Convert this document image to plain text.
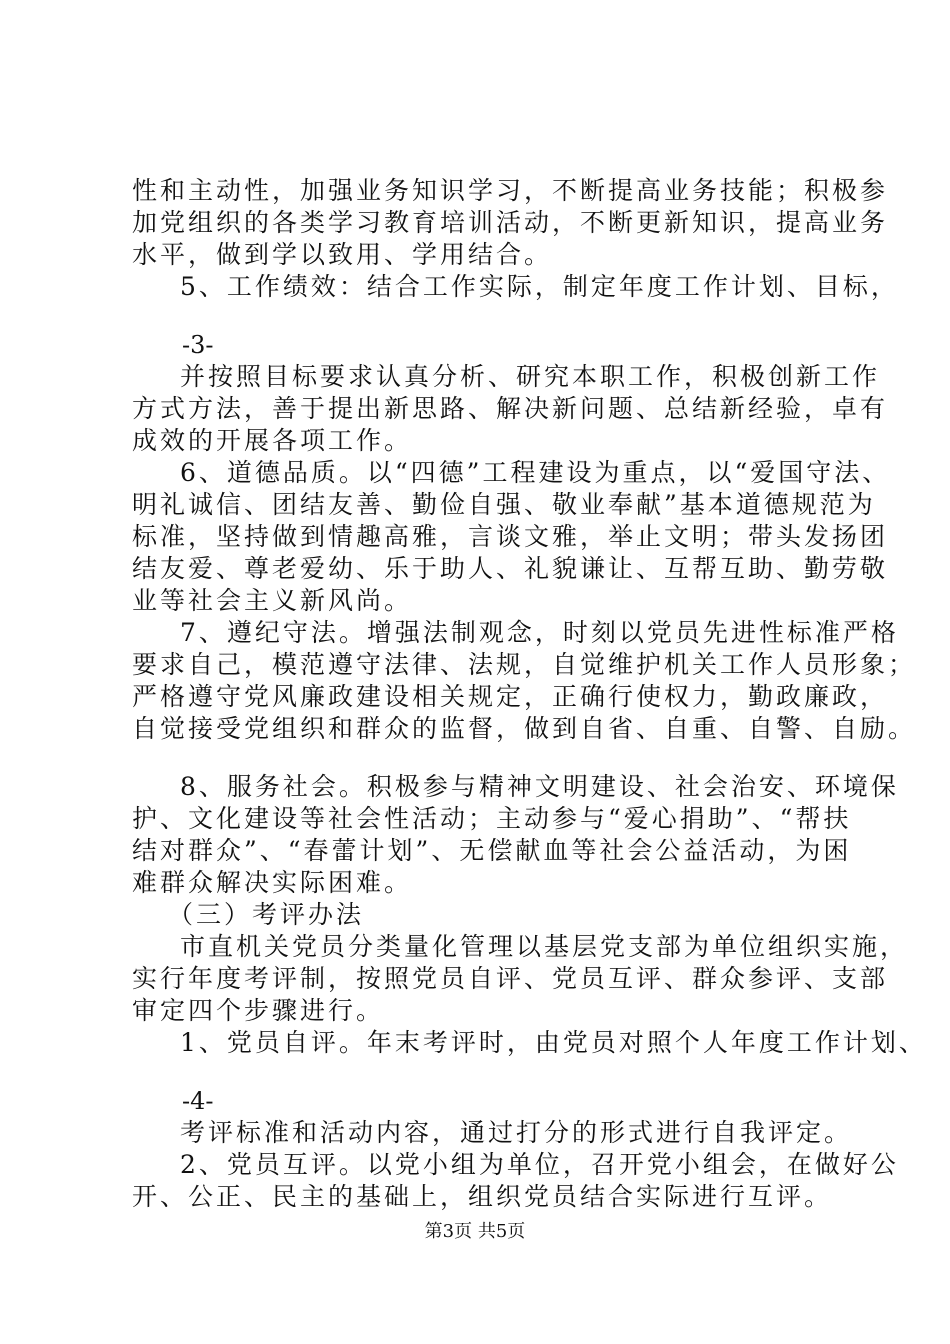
性和主动性，加强业务知识学习，不断提高业务技能；积极参
加党组织的各类学习教育培训活动，不断更新知识，提高业务
水平，做到学以致用、学用结合。
5、工作绩效：结合工作实际，制定年度工作计划、目标，
-3-
并按照目标要求认真分析、研究本职工作，积极创新工作
方式方法，善于提出新思路、解决新问题、总结新经验，卓有
成效的开展各项工作。
6、道德品质。以“四德”工程建设为重点，以“爱国守法、
明礼诚信、团结友善、勤俭自强、敬业奉献”基本道德规范为
标准，坚持做到情趣高雅，言谈文雅，举止文明；带头发扬团
结友爱、尊老爱幼、乐于助人、礼貌谦让、互帮互助、勤劳敬
业等社会主义新风尚。
7、遵纪守法。增强法制观念，时刻以党员先进性标准严格
要求自己，模范遵守法律、法规，自觉维护机关工作人员形象；
严格遵守党风廉政建设相关规定，正确行使权力，勤政廉政，
自觉接受党组织和群众的监督，做到自省、自重、自警、自励。
8、服务社会。积极参与精神文明建设、社会治安、环境保
护、文化建设等社会性活动；主动参与“爱心捐助”、“帮扶
结对群众”、“春蕾计划”、无偿献血等社会公益活动，为困
难群众解决实际困难。
（三）考评办法
市直机关党员分类量化管理以基层党支部为单位组织实施，
实行年度考评制，按照党员自评、党员互评、群众参评、支部
审定四个步骤进行。
1、党员自评。年末考评时，由党员对照个人年度工作计划、
-4-
考评标准和活动内容，通过打分的形式进行自我评定。
2、党员互评。以党小组为单位，召开党小组会，在做好公
开、公正、民主的基础上，组织党员结合实际进行互评。
第3页 共5页
